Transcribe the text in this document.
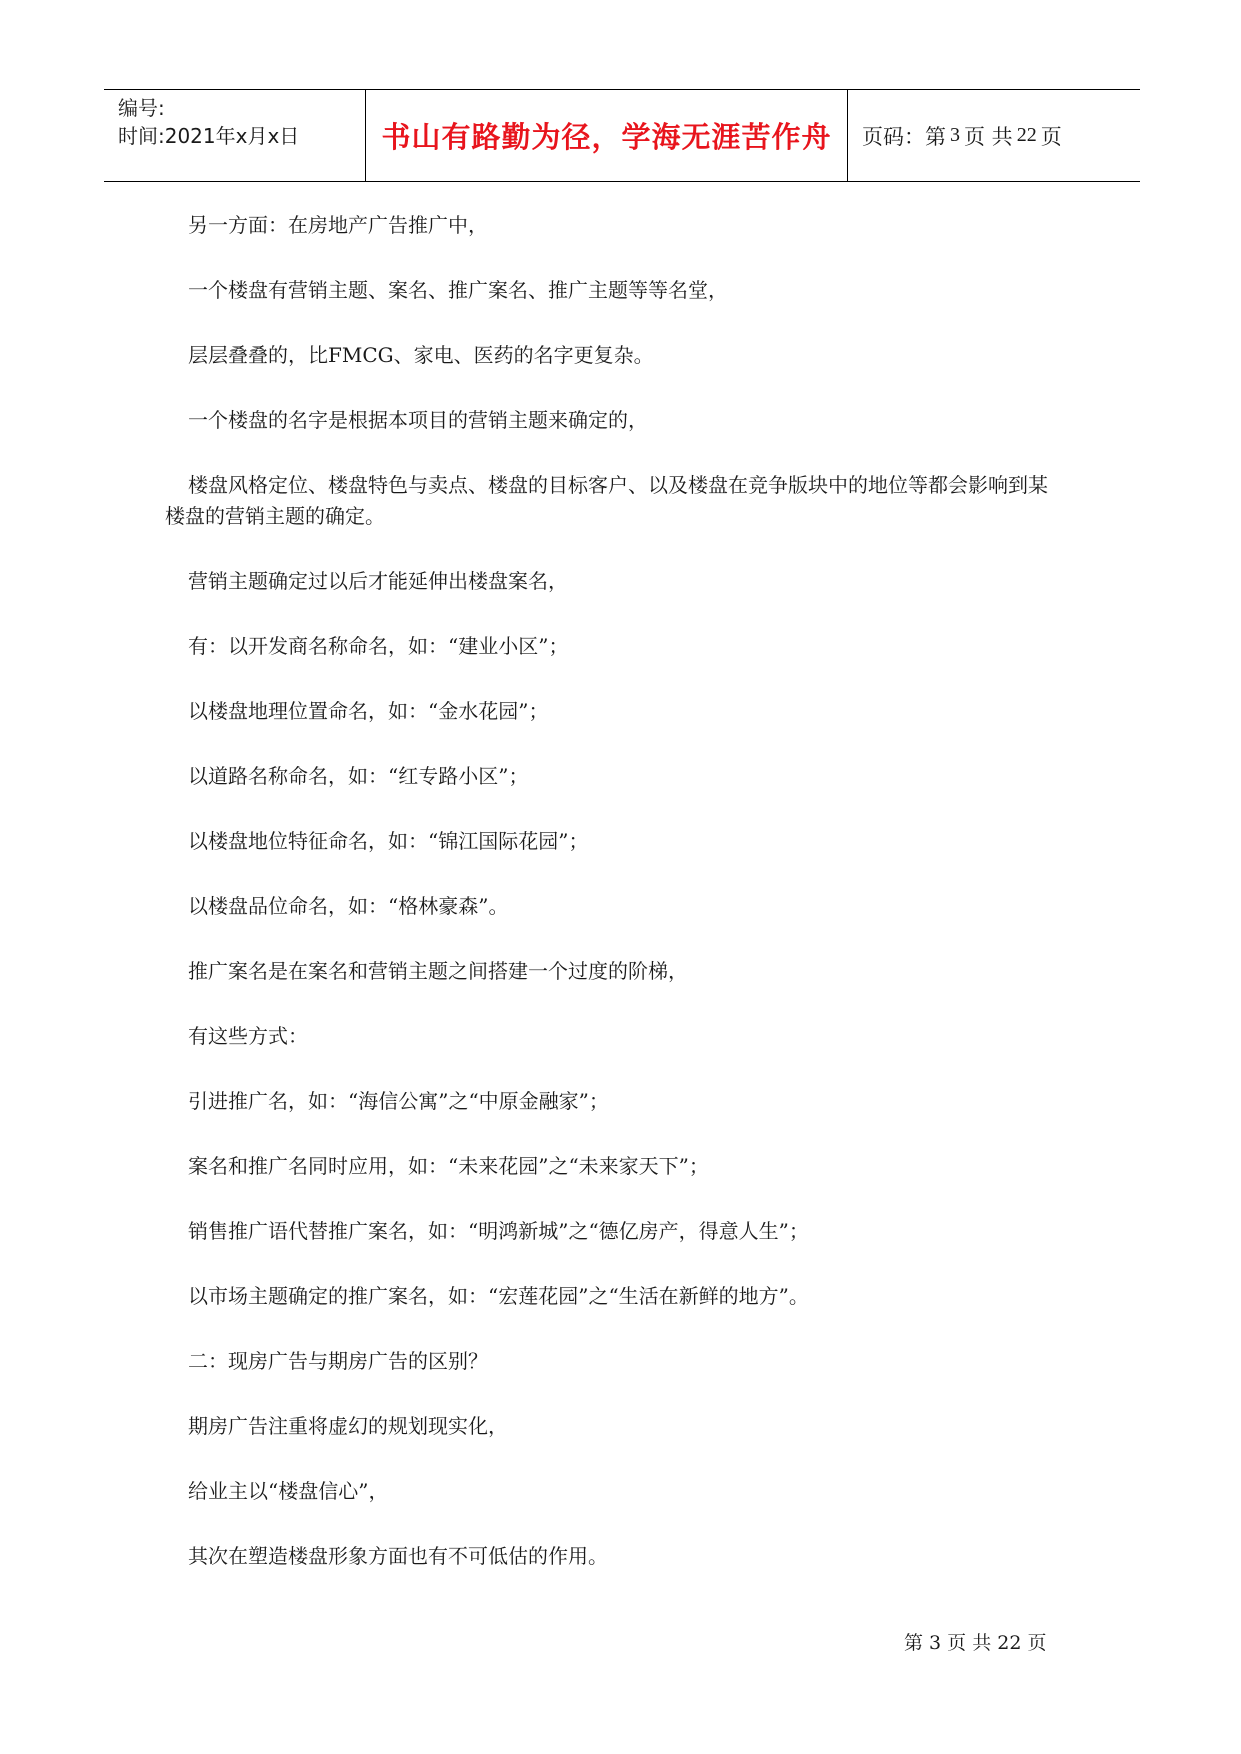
编号:
时间:2021年x月x日	书山有路勤为径，学海无涯苦作舟 页码：第 3 页 共 22 页

另一方面：在房地产广告推广中，

一个楼盘有营销主题、案名、推广案名、推广主题等等名堂，

层层叠叠的，比FMCG、家电、医药的名字更复杂。

一个楼盘的名字是根据本项目的营销主题来确定的，

楼盘风格定位、楼盘特色与卖点、楼盘的目标客户、以及楼盘在竞争版块中的地位等都会影响到某楼盘的营销主题的确定。

营销主题确定过以后才能延伸出楼盘案名，

有：以开发商名称命名，如：“建业小区”；

以楼盘地理位置命名，如：“金水花园”；

以道路名称命名，如：“红专路小区”；

以楼盘地位特征命名，如：“锦江国际花园”；

以楼盘品位命名，如：“格林豪森”。

推广案名是在案名和营销主题之间搭建一个过度的阶梯，

有这些方式：

引进推广名，如：“海信公寓”之“中原金融家”；

案名和推广名同时应用，如：“未来花园”之“未来家天下”；

销售推广语代替推广案名，如：“明鸿新城”之“德亿房产，得意人生”；

以市场主题确定的推广案名，如：“宏莲花园”之“生活在新鲜的地方”。

二：现房广告与期房广告的区别？

期房广告注重将虚幻的规划现实化，

给业主以“楼盘信心”，

其次在塑造楼盘形象方面也有不可低估的作用。

第 3 页 共 22 页
